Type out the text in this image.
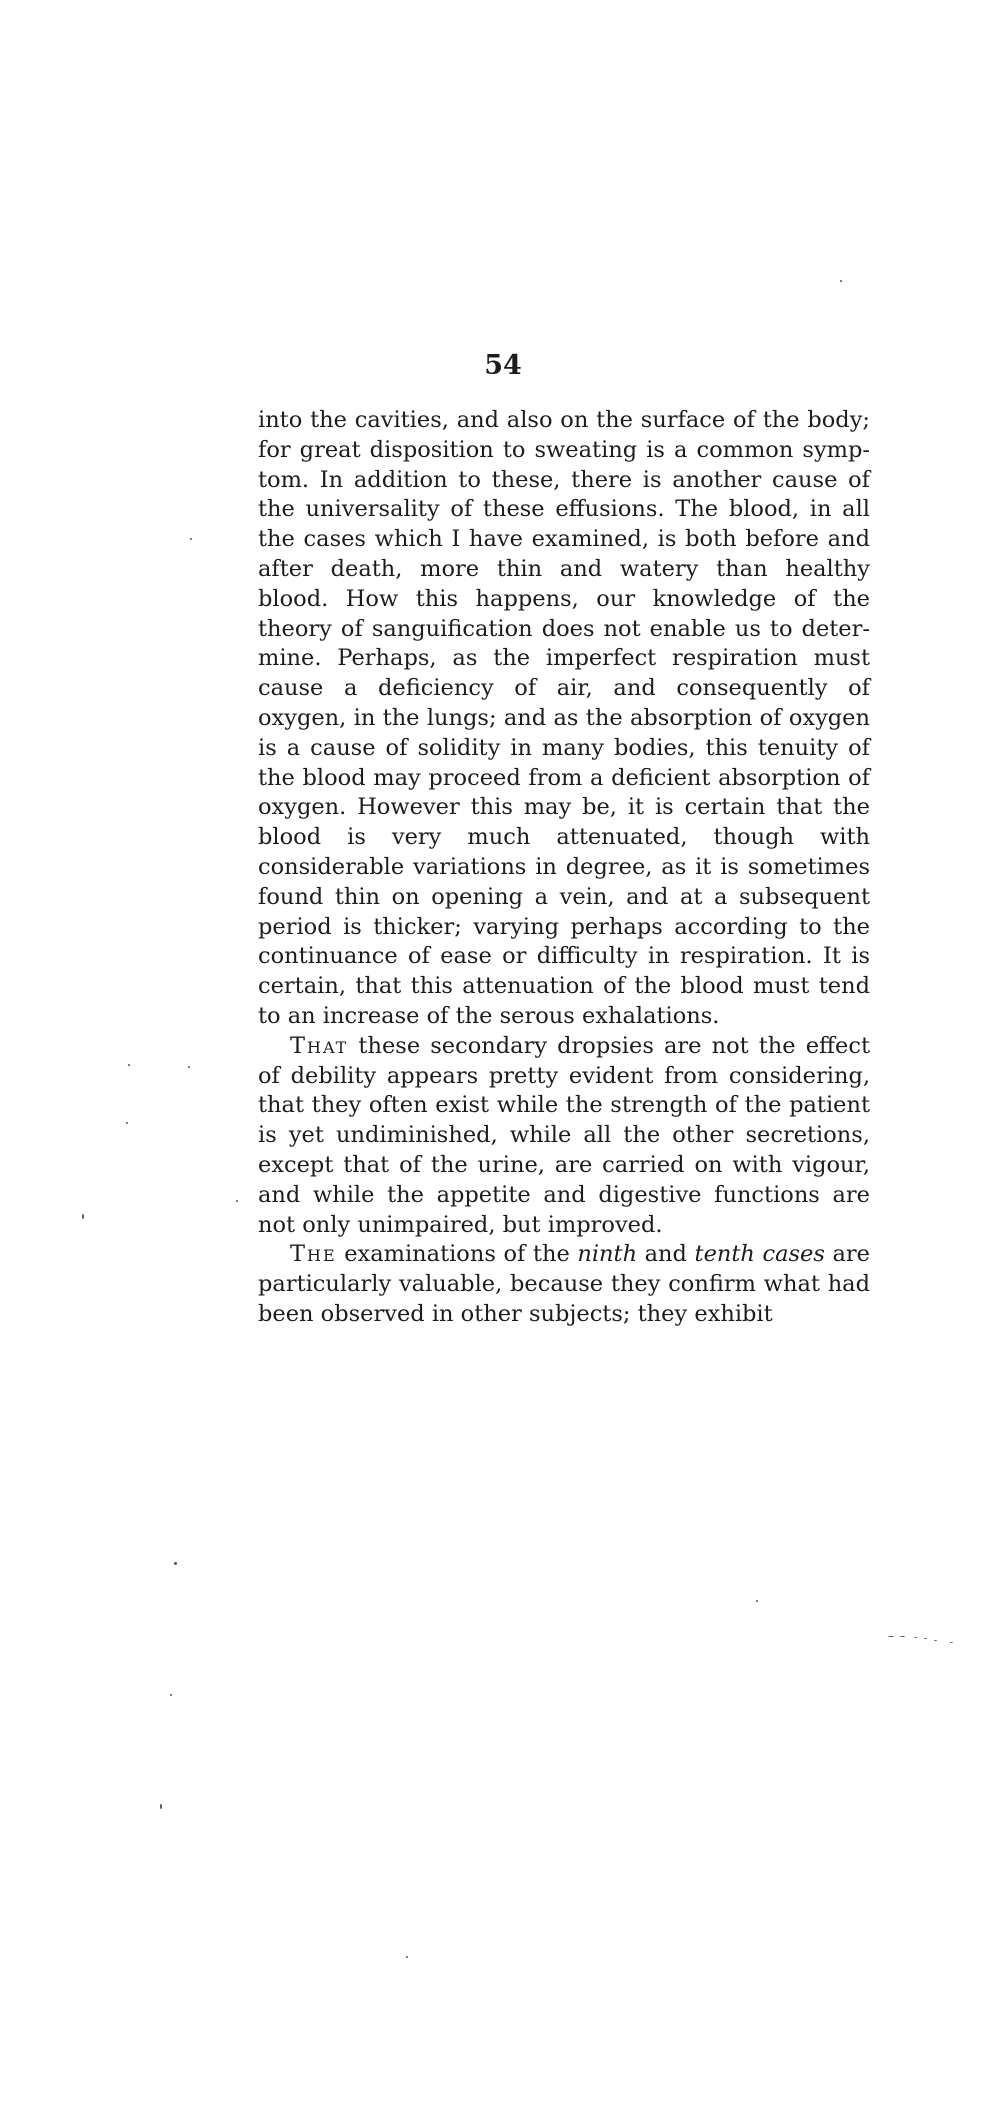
54

into the cavities, and also on the surface of the body; for great disposition to sweating is a common symp-tom. In addition to these, there is another cause of the universality of these effusions. The blood, in all the cases which I have examined, is both before and after death, more thin and watery than healthy blood. How this happens, our knowledge of the theory of sanguification does not enable us to deter-mine. Perhaps, as the imperfect respiration must cause a deficiency of air, and consequently of oxygen, in the lungs; and as the absorption of oxygen is a cause of solidity in many bodies, this tenuity of the blood may proceed from a deficient absorption of oxygen. However this may be, it is certain that the blood is very much attenuated, though with considerable variations in degree, as it is sometimes found thin on opening a vein, and at a subsequent period is thicker; varying perhaps according to the continuance of ease or difficulty in respiration. It is certain, that this attenuation of the blood must tend to an increase of the serous exhalations.

That these secondary dropsies are not the effect of debility appears pretty evident from considering, that they often exist while the strength of the patient is yet undiminished, while all the other secretions, except that of the urine, are carried on with vigour, and while the appetite and digestive functions are not only unimpaired, but improved.

The examinations of the ninth and tenth cases are particularly valuable, because they confirm what had been observed in other subjects; they exhibit
